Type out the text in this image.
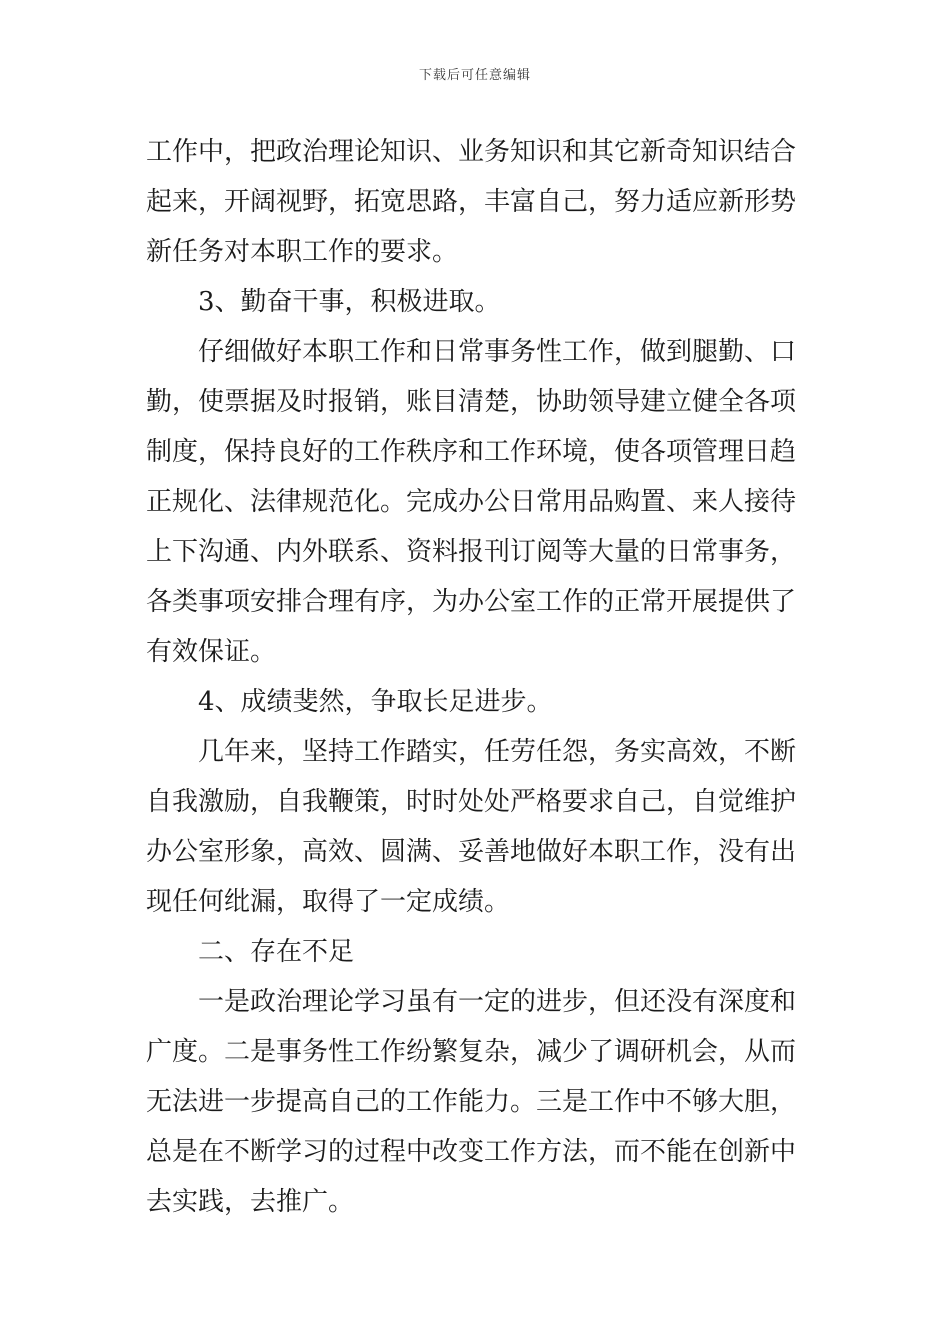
下载后可任意编辑
工作中，把政治理论知识、业务知识和其它新奇知识结合
起来，开阔视野，拓宽思路，丰富自己，努力适应新形势
新任务对本职工作的要求。
3、勤奋干事，积极进取。
仔细做好本职工作和日常事务性工作，做到腿勤、口
勤，使票据及时报销，账目清楚，协助领导建立健全各项
制度，保持良好的工作秩序和工作环境，使各项管理日趋
正规化、法律规范化。完成办公日常用品购置、来人接待
上下沟通、内外联系、资料报刊订阅等大量的日常事务，
各类事项安排合理有序，为办公室工作的正常开展提供了
有效保证。
4、成绩斐然，争取长足进步。
几年来，坚持工作踏实，任劳任怨，务实高效，不断
自我激励，自我鞭策，时时处处严格要求自己，自觉维护
办公室形象，高效、圆满、妥善地做好本职工作，没有出
现任何纰漏，取得了一定成绩。
二、存在不足
一是政治理论学习虽有一定的进步，但还没有深度和
广度。二是事务性工作纷繁复杂，减少了调研机会，从而
无法进一步提高自己的工作能力。三是工作中不够大胆，
总是在不断学习的过程中改变工作方法，而不能在创新中
去实践，去推广。
